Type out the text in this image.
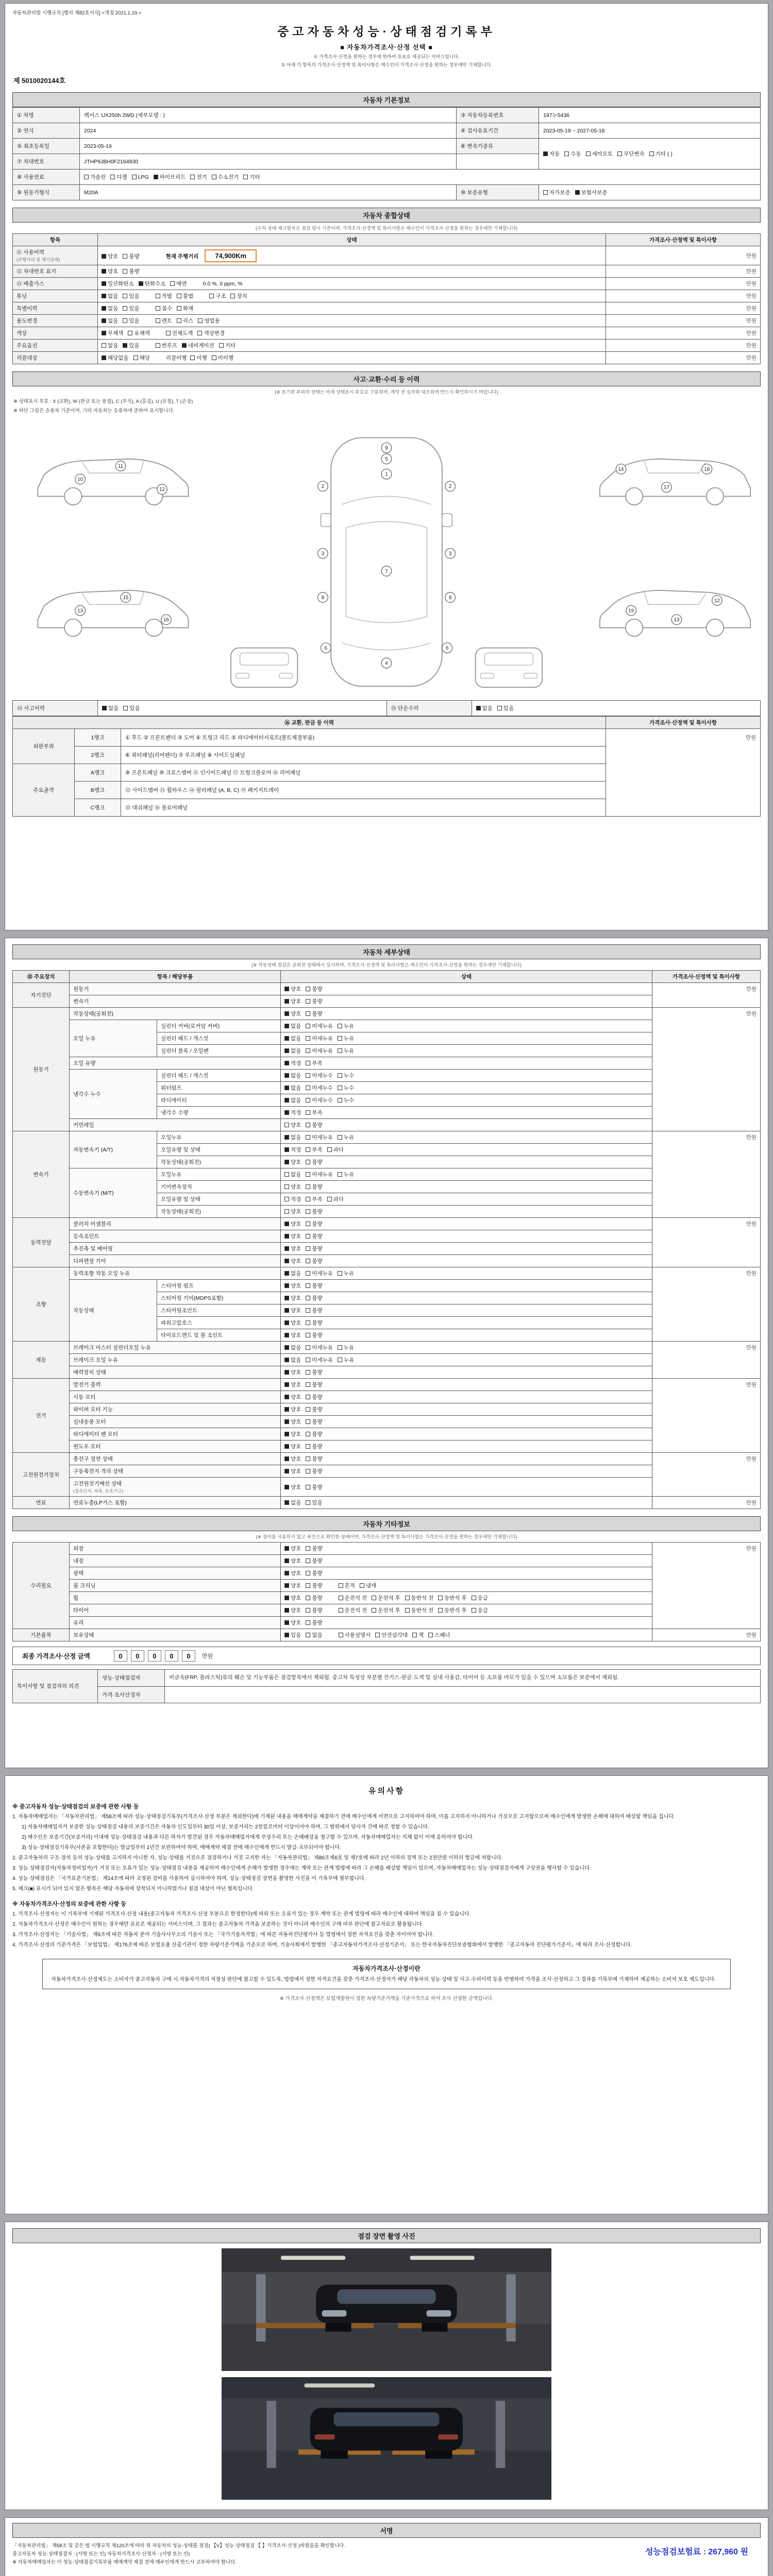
자동차관리법 시행규칙 [별지 제82호서식] <개정 2021.1.19.>
중고자동차성능·상태점검기록부
■ 자동차가격조사·산정 선택 ■
① 가격조사·산정을 원하는 경우에 한하여 유료로 제공되는 서비스입니다.
② 아래 각 항목의 가격조사·산정액 및 특이사항은 매수인이 가격조사·산정을 원하는 경우에만 기재합니다.
제 5010020144호
자동차 기본정보
① 차명	렉서스 UX250h 2WD (세부모델 : )	③ 자동차등록번호	197누5436
② 연식	2024	④ 검사유효기간	2023-05-19 ~ 2027-05-18
⑤ 최초등록일	2023-05-19	⑥ 변속기종류	자동 수동 세미오토 무단변속 기타 ( )
⑦ 차대번호	JTHP9JBH0F2164930		
⑧ 사용연료	가솔린 디젤 LPG 하이브리드 전기 수소전기 기타		
⑨ 원동기형식	M20A	⑩ 보증유형	자가보증 보험사보증
자동차 종합상태
(수치·상태 체크항목은 점검 당시 기준이며, 가격조사·산정액 및 특이사항은 매수인이 가격조사·산정을 원하는 경우에만 기재합니다)
항목	상태	가격조사·산정액 및 특이사항

⑪ 사용이력
(주행거리 및 계기상태)	양호 불량 현재 주행거리 74,900Km	만원

⑫ 차대번호 표기	양호 불량	만원

⑬ 배출가스	일산화탄소 탄화수소 매연 0.0 %, 0 ppm, %	만원

튜닝	없음 있음 적법 불법 구조 장치	만원

특별이력	없음 있음 침수 화재	만원

용도변경	없음 있음 렌트 리스 영업용	만원

색상	무채색 유채색 전체도색 색상변경	만원

주요옵션	없음 있음 썬루프 네비게이션 기타	만원

리콜대상	해당없음 해당 리콜이행 이행 미이행	만원
사고·교환·수리 등 이력
(※ 표기된 부위의 상태는 아래 상태표시 부호로 구분하며, 계약 전 실차와 대조하여 반드시 확인하시기 바랍니다)
※ 상태표시 부호 : X (교환), W (판금 또는 용접), C (부식), A (흠집), U (요철), T (손상)
※ 하단 그림은 승용차 기준이며, 기타 자동차는 승용차에 준하여 표시합니다.
9
5
1
2	2
3	3
8	8
7
6	6
4
10
11
12
13
15
16
14
17
18
19
13
12
⑭ 사고이력	없음 있음	⑮ 단순수리	없음 있음
⑯ 교환, 판금 등 이력			가격조사·산정액 및 특이사항
외판부위	1랭크	① 후드 ② 프론트펜더 ③ 도어 ④ 트렁크 리드 ⑤ 라디에이터서포트(볼트체결부품)	만원
	2랭크	⑥ 쿼터패널(리어펜더) ⑦ 루프패널 ⑧ 사이드실패널	
주요골격	A랭크	⑨ 프론트패널 ⑩ 크로스멤버 ⑪ 인사이드패널 ⑰ 트렁크플로어 ⑱ 리어패널	
	B랭크	⑫ 사이드멤버 ⑬ 휠하우스 ⑭ 필러패널 (A, B, C) ⑲ 패키지트레이	
	C랭크	⑮ 대쉬패널 ⑯ 플로어패널	
자동차 세부상태
(※ 작동상태 점검은 공회전 상태에서 실시하며, 가격조사·산정액 및 특이사항은 매수인이 가격조사·산정을 원하는 경우에만 기재합니다)
⑱ 주요장치	항목 / 해당부품		상태	가격조사·산정액 및 특이사항
자기진단	원동기		양호 불량	만원

	변속기		양호 불량	
원동기	작동상태(공회전)		양호 불량	만원

	오일 누유	실린더 커버(로커암 커버)	없음 미세누유 누유	
		실린더 헤드 / 개스킷	없음 미세누유 누유	
		실린더 블록 / 오일팬	없음 미세누유 누유	

	오일 유량		적정 부족	

	냉각수 누수	실린더 헤드 / 개스킷	없음 미세누수 누수	
		워터펌프	없음 미세누수 누수	
		라디에이터	없음 미세누수 누수	
		냉각수 수량	적정 부족	

	커먼레일		양호 불량	
변속기	자동변속기 (A/T)	오일누유	없음 미세누유 누유	만원
		오일유량 및 상태	적정 부족 과다	
		작동상태(공회전)	양호 불량	

	수동변속기 (M/T)	오일누유	없음 미세누유 누유	
		기어변속장치	양호 불량	
		오일유량 및 상태	적정 부족 과다	
		작동상태(공회전)	양호 불량	
동력전달	클러치 어셈블리		양호 불량	만원

	등속조인트		양호 불량	

	추진축 및 베어링		양호 불량	

	디퍼렌셜 기어		양호 불량	
조향	동력조향 작동 오일 누유		없음 미세누유 누유	만원

	작동상태	스티어링 펌프	양호 불량	
		스티어링 기어(MDPS포함)	양호 불량	
		스티어링조인트	양호 불량	
		파워고압호스	양호 불량	
		타이로드엔드 및 볼 조인트	양호 불량	
제동	브레이크 마스터 실린더오일 누유		없음 미세누유 누유	만원

	브레이크 오일 누유		없음 미세누유 누유	

	배력장치 상태		양호 불량	
전기	발전기 출력		양호 불량	만원

	시동 모터		양호 불량	

	와이퍼 모터 기능		양호 불량	

	실내송풍 모터		양호 불량	

	라디에이터 팬 모터		양호 불량	

	윈도우 모터		양호 불량	
고전원전기장치	충전구 절연 상태		양호 불량	만원

	구동축전지 격리 상태		양호 불량	

	고전원전기배선 상태
(접속단자, 피복, 보호기구)		양호 불량	
연료	연료누출(LP가스 포함)		없음 있음	만원
자동차 기타정보
(※ 장비를 사용하지 않고 육안으로 확인한 상태이며, 가격조사·산정액 및 특이사항은 가격조사·산정을 원하는 경우에만 기재합니다)
수리필요	외장	양호 불량	만원

	내장	양호 불량	

	광택	양호 불량	

	룸 크리닝	양호 불량 흔적 냄새	

	휠	양호 불량 운전석 전 운전석 후 동반석 전 동반석 후 응급	

	타이어	양호 불량 운전석 전 운전석 후 동반석 전 동반석 후 응급	

	유리	양호 불량	
기본품목	보유상태	있음 없음 사용설명서 안전삼각대 잭 스패너	만원
최종 가격조사·산정 금액	0 0 0 0 0	만원
특이사항 및 점검자의 의견	성능·상태점검자	비금속(FRP, 플라스틱)류의 훼손 및 기능부품은 점검항목에서 제외됨. 중고차 특성상 부분별 잔기스·판금·도색 및 실내 사용감, 타이어 등 소모품 마모가 있을 수 있으며 소모품은 보증에서 제외됨.
	가격·조사산정자	
유의사항
※ 중고자동차 성능·상태점검의 보증에 관한 사항 등

1. 자동차매매업자는 「자동차관리법」 제58조에 따라 성능·상태점검기록부(가격조사·산정 부분은 제외한다)에 기재된 내용을 매매계약을 체결하기 전에 매수인에게 서면으로 고지하여야 하며, 이를 고지하지 아니하거나 거짓으로 고지함으로써 매수인에게 발생한 손해에 대하여 배상할 책임을 집니다.

1) 자동차매매업자가 보증한 성능·상태점검 내용의 보증기간은 자동차 인도일부터 30일 이상, 보증거리는 2천킬로미터 이상이어야 하며, 그 범위에서 당사자 간에 따로 정할 수 있습니다.

2) 매수인은 보증기간(보증거리) 이내에 성능·상태점검 내용과 다른 하자가 발견된 경우 자동차매매업자에게 무상수리 또는 손해배상을 청구할 수 있으며, 자동차매매업자는 지체 없이 이에 응하여야 합니다.

3) 성능·상태점검기록부(사본을 포함한다)는 발급일부터 1년간 보관하여야 하며, 매매계약 체결 전에 매수인에게 반드시 발급·교부되어야 합니다.

2. 중고자동차의 구조·장치 등의 성능·상태를 고지하지 아니한 자, 성능·상태를 거짓으로 점검하거나 거짓 고지한 자는 「자동차관리법」 제80조제6호 및 제7호에 따라 2년 이하의 징역 또는 2천만원 이하의 벌금에 처합니다.

3. 성능·상태점검자(자동차정비업자)가 거짓 또는 오류가 있는 성능·상태점검 내용을 제공하여 매수인에게 손해가 발생한 경우에는 계약 또는 관계 법령에 따라 그 손해를 배상할 책임이 있으며, 자동차매매업자는 성능·상태점검자에게 구상권을 행사할 수 있습니다.

4. 성능·상태점검은 「국가표준기본법」 제14조에 따라 교정된 장비를 사용하여 실시하여야 하며, 성능·상태점검 장면을 촬영한 사진을 이 기록부에 첨부합니다.

5. 체크(■) 표시가 되어 있지 않은 항목은 해당 자동차에 장착되지 아니하였거나 점검 대상이 아닌 항목입니다.

※ 자동차가격조사·산정의 보증에 관한 사항 등

1. 가격조사·산정자는 이 기록부에 기재된 가격조사·산정 내용(중고자동차 가격조사·산정 부분으로 한정한다)에 허위 또는 오류가 있는 경우 계약 또는 관계 법령에 따라 매수인에 대하여 책임을 질 수 있습니다.

2. 자동차가격조사·산정은 매수인이 원하는 경우에만 유료로 제공되는 서비스이며, 그 결과는 중고자동차 가격을 보증하는 것이 아니라 매수인의 구매 여부 판단에 참고자료로 활용됩니다.

3. 가격조사·산정자는 「기술사법」 제6조에 따른 자동차 분야 기술사사무소의 기술사 또는 「국가기술자격법」에 따른 자동차진단평가사 등 법령에서 정한 자격요건을 갖춘 자이어야 합니다.

4. 가격조사·산정의 기준가격은 「보험업법」 제176조에 따른 보험요율 산출기관이 정한 차량기준가액을 기준으로 하며, 기술사회에서 발행한 「중고자동차가격조사·산정기준서」 또는 한국자동차진단보증협회에서 발행한 「중고자동차 진단평가기준서」에 따라 조사·산정합니다.

자동차가격조사·산정이란
자동차가격조사·산정제도는 소비자가 중고자동차 구매 시 자동차가격의 적절성 판단에 참고할 수 있도록, 법령에서 정한 자격요건을 갖춘 가격조사·산정자가 해당 자동차의 성능·상태 및 사고·수리이력 등을 반영하여 가격을 조사·산정하고 그 결과를 기록부에 기재하여 제공하는 소비자 보호 제도입니다.
※ 가격조사·산정액은 보험개발원이 정한 차량기준가액을 기준가격으로 하여 조사·산정한 금액입니다.
점검 장면 촬영 사진
서명
「자동차관리법」 제58조 및 같은 법 시행규칙 제120조에 따라 위 자동차의 성능·상태를 점검( 【V】성능·상태점검 【 】가격조사·산정 )하였음을 확인합니다.
중고자동차 성능·상태점검자 : (서명 또는 인) 자동차가격조사·산정자 : (서명 또는 인)
※ 자동차매매업자는 이 성능·상태점검기록부를 매매계약 체결 전에 매수인에게 반드시 교부하여야 합니다.
성능점검보험료 : 267,960 원
